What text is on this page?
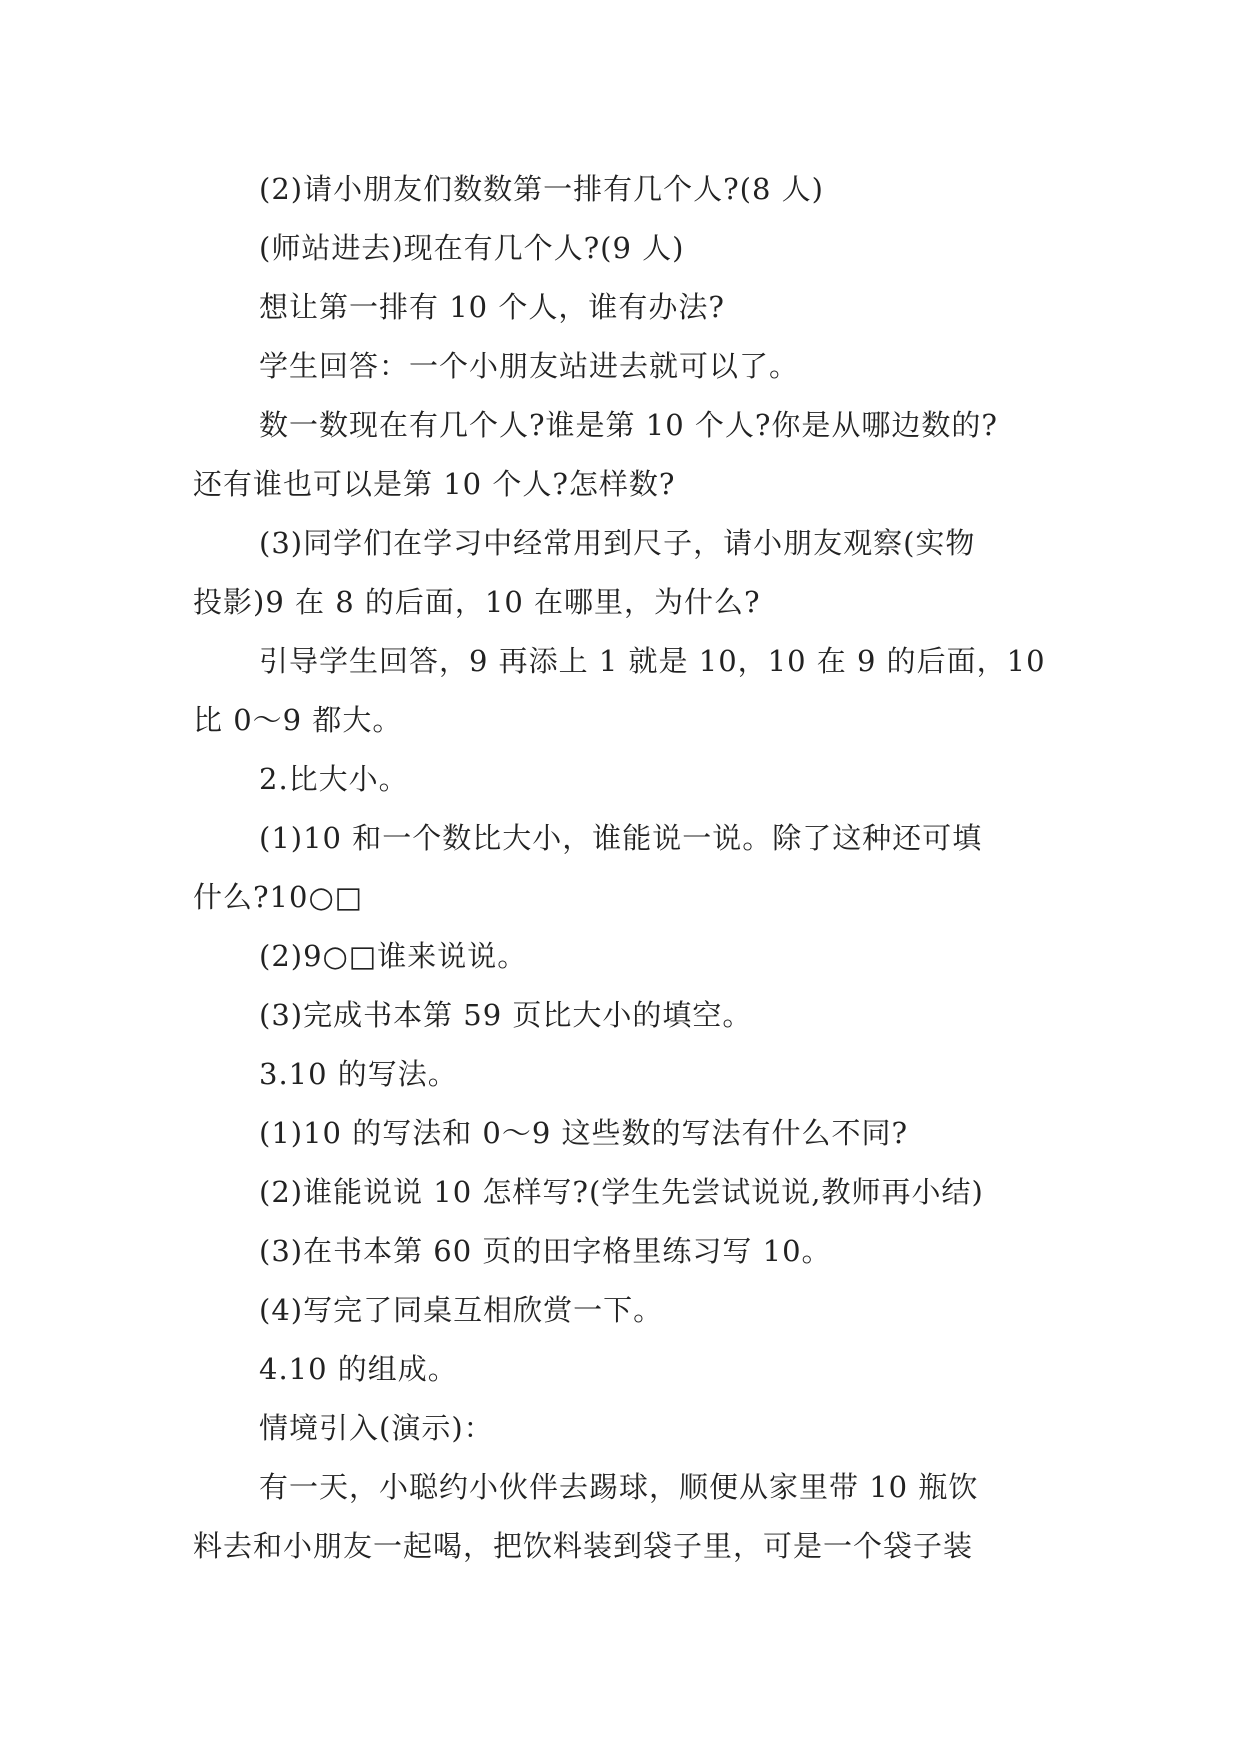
(2)请小朋友们数数第一排有几个人?(8 人)
(师站进去)现在有几个人?(9 人)
想让第一排有 10 个人，谁有办法?
学生回答：一个小朋友站进去就可以了。
数一数现在有几个人?谁是第 10 个人?你是从哪边数的?
还有谁也可以是第 10 个人?怎样数?
(3)同学们在学习中经常用到尺子，请小朋友观察(实物
投影)9 在 8 的后面，10 在哪里，为什么?
引导学生回答，9 再添上 1 就是 10，10 在 9 的后面，10
比 0～9 都大。
2.比大小。
(1)10 和一个数比大小，谁能说一说。除了这种还可填
什么?10○□
(2)9○□谁来说说。
(3)完成书本第 59 页比大小的填空。
3.10 的写法。
(1)10 的写法和 0～9 这些数的写法有什么不同?
(2)谁能说说 10 怎样写?(学生先尝试说说,教师再小结)
(3)在书本第 60 页的田字格里练习写 10。
(4)写完了同桌互相欣赏一下。
4.10 的组成。
情境引入(演示)：
有一天，小聪约小伙伴去踢球，顺便从家里带 10 瓶饮
料去和小朋友一起喝，把饮料装到袋子里，可是一个袋子装
